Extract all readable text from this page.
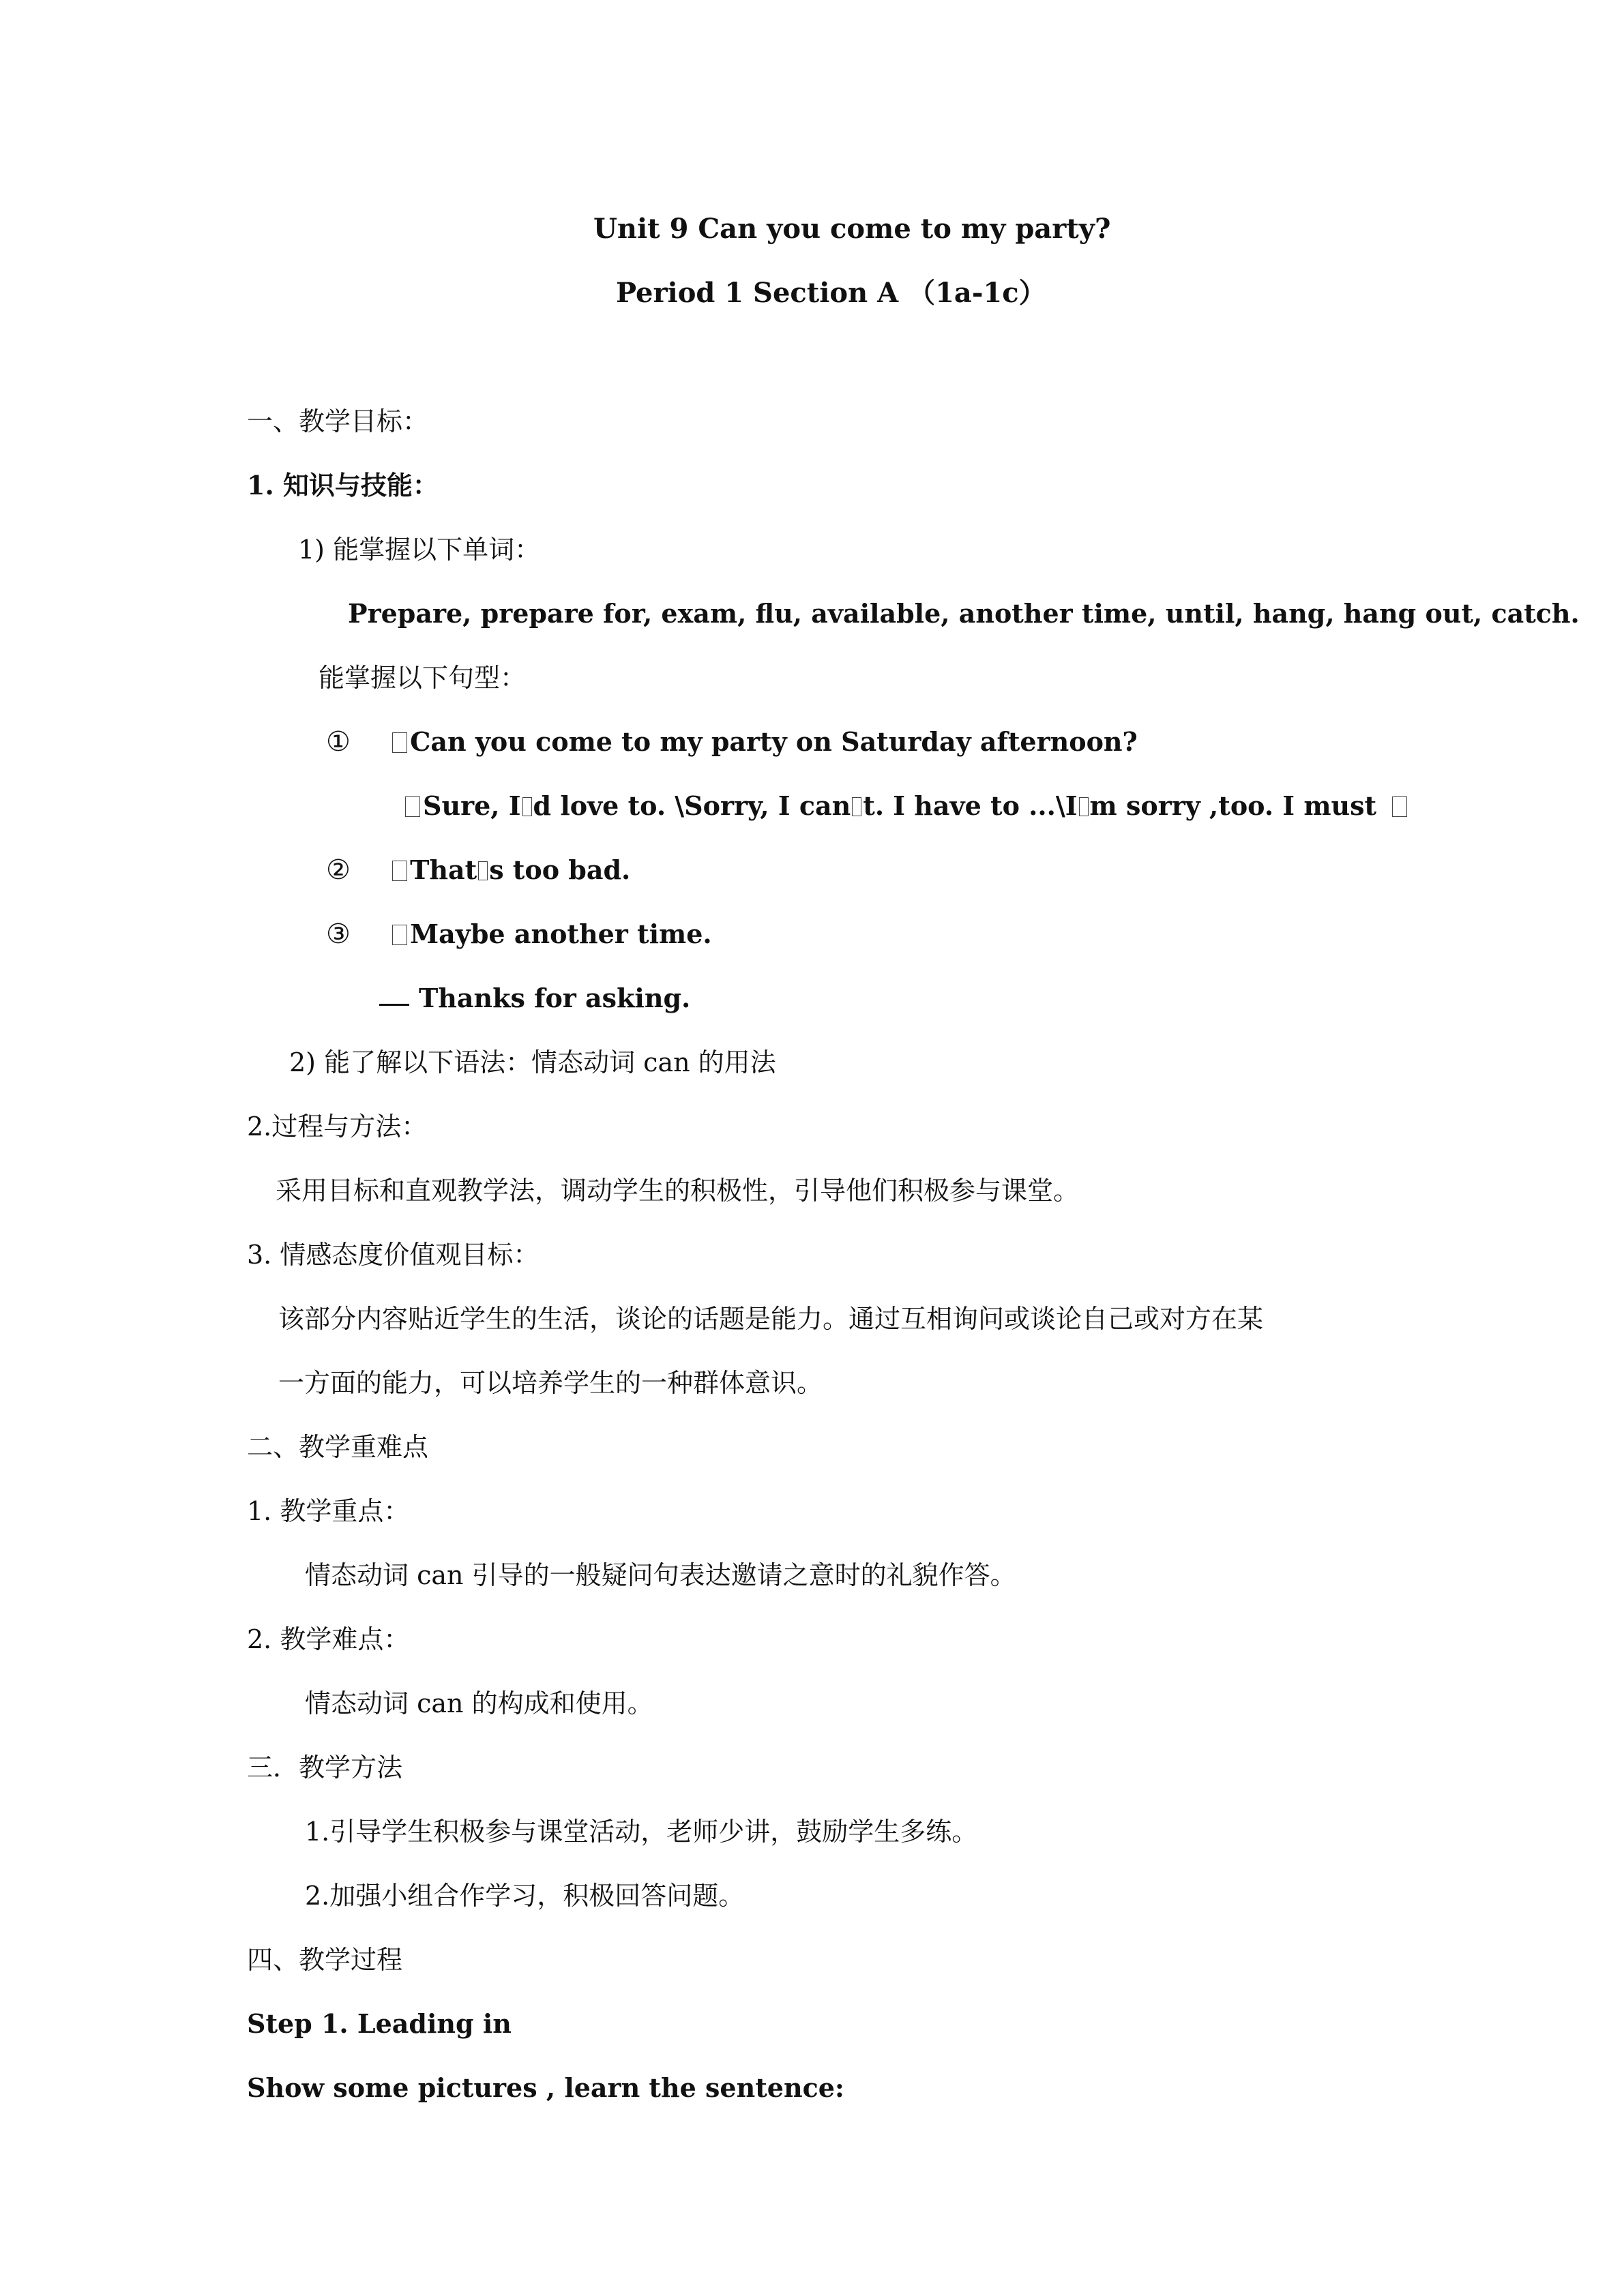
Unit 9 Can you come to my party?
Period 1 Section A （1a-1c）
一、教学目标：
1. 知识与技能：
1) 能掌握以下单词：
Prepare, prepare for, exam, flu, available, another time, until, hang, hang out, catch.
能掌握以下句型：
① Can you come to my party on Saturday afternoon?
Sure, I d love to. \Sorry, I can t. I have to ...\I m sorry ,too. I must
② That s too bad.
③ Maybe another time.
Thanks for asking.
2) 能了解以下语法：情态动词 can 的用法
2.过程与方法：
采用目标和直观教学法，调动学生的积极性，引导他们积极参与课堂。
3. 情感态度价值观目标：
该部分内容贴近学生的生活，谈论的话题是能力。通过互相询问或谈论自己或对方在某
一方面的能力，可以培养学生的一种群体意识。
二、教学重难点
1. 教学重点：
情态动词 can 引导的一般疑问句表达邀请之意时的礼貌作答。
2. 教学难点：
情态动词 can 的构成和使用。
三．教学方法
1.引导学生积极参与课堂活动，老师少讲，鼓励学生多练。
2.加强小组合作学习，积极回答问题。
四、教学过程
Step 1. Leading in
Show some pictures , learn the sentence:
